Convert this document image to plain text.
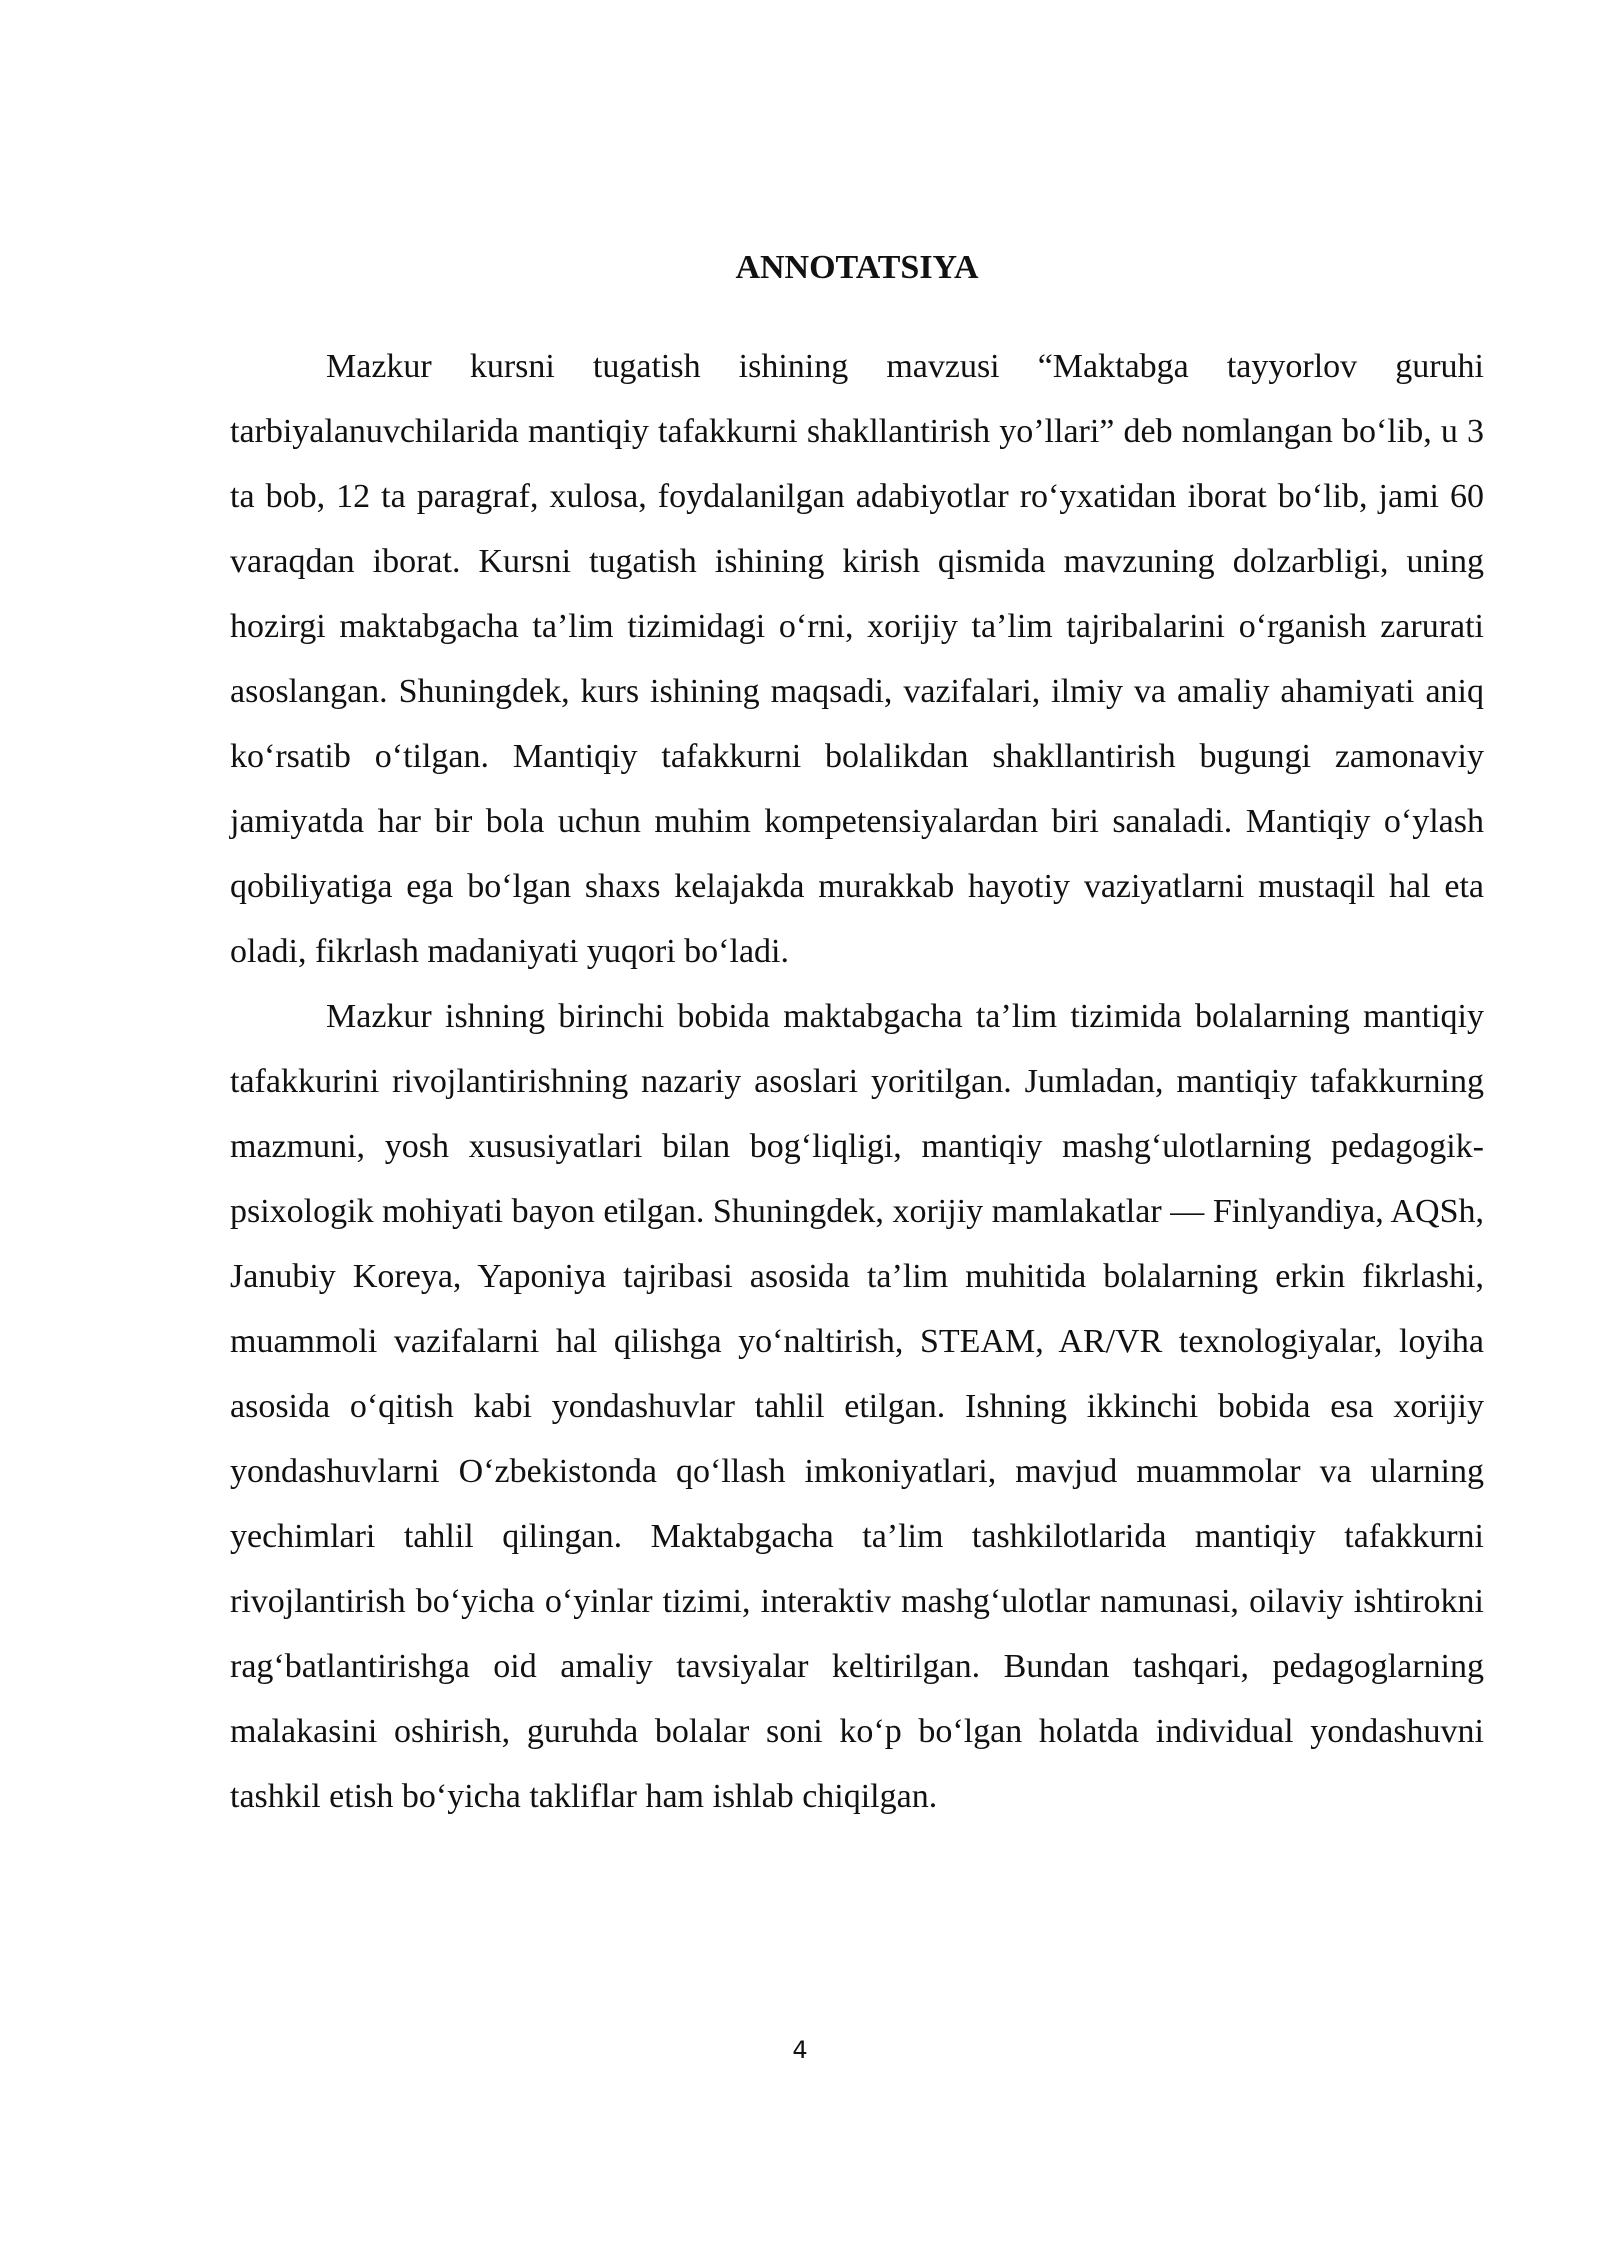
ANNOTATSIYA

Mazkur kursni tugatish ishining mavzusi “Maktabga tayyorlov guruhi tarbiyalanuvchilarida mantiqiy tafakkurni shakllantirish yo’llari” deb nomlangan bo‘lib, u 3 ta bob, 12 ta paragraf, xulosa, foydalanilgan adabiyotlar ro‘yxatidan iborat bo‘lib, jami 60 varaqdan iborat. Kursni tugatish ishining kirish qismida mavzuning dolzarbligi, uning hozirgi maktabgacha ta’lim tizimidagi o‘rni, xorijiy ta’lim tajribalarini o‘rganish zarurati asoslangan. Shuningdek, kurs ishining maqsadi, vazifalari, ilmiy va amaliy ahamiyati aniq ko‘rsatib o‘tilgan. Mantiqiy tafakkurni bolalikdan shakllantirish bugungi zamonaviy jamiyatda har bir bola uchun muhim kompetensiyalardan biri sanaladi. Mantiqiy o‘ylash qobiliyatiga ega bo‘lgan shaxs kelajakda murakkab hayotiy vaziyatlarni mustaqil hal eta oladi, fikrlash madaniyati yuqori bo‘ladi.

Mazkur ishning birinchi bobida maktabgacha ta’lim tizimida bolalarning mantiqiy tafakkurini rivojlantirishning nazariy asoslari yoritilgan. Jumladan, mantiqiy tafakkurning mazmuni, yosh xususiyatlari bilan bog‘liqligi, mantiqiy mashg‘ulotlarning pedagogik-psixologik mohiyati bayon etilgan. Shuningdek, xorijiy mamlakatlar — Finlyandiya, AQSh, Janubiy Koreya, Yaponiya tajribasi asosida ta’lim muhitida bolalarning erkin fikrlashi, muammoli vazifalarni hal qilishga yo‘naltirish, STEAM, AR/VR texnologiyalar, loyiha asosida o‘qitish kabi yondashuvlar tahlil etilgan. Ishning ikkinchi bobida esa xorijiy yondashuvlarni O‘zbekistonda qo‘llash imkoniyatlari, mavjud muammolar va ularning yechimlari tahlil qilingan. Maktabgacha ta’lim tashkilotlarida mantiqiy tafakkurni rivojlantirish bo‘yicha o‘yinlar tizimi, interaktiv mashg‘ulotlar namunasi, oilaviy ishtirokni rag‘batlantirishga oid amaliy tavsiyalar keltirilgan. Bundan tashqari, pedagoglarning malakasini oshirish, guruhda bolalar soni ko‘p bo‘lgan holatda individual yondashuvni tashkil etish bo‘yicha takliflar ham ishlab chiqilgan.

4
